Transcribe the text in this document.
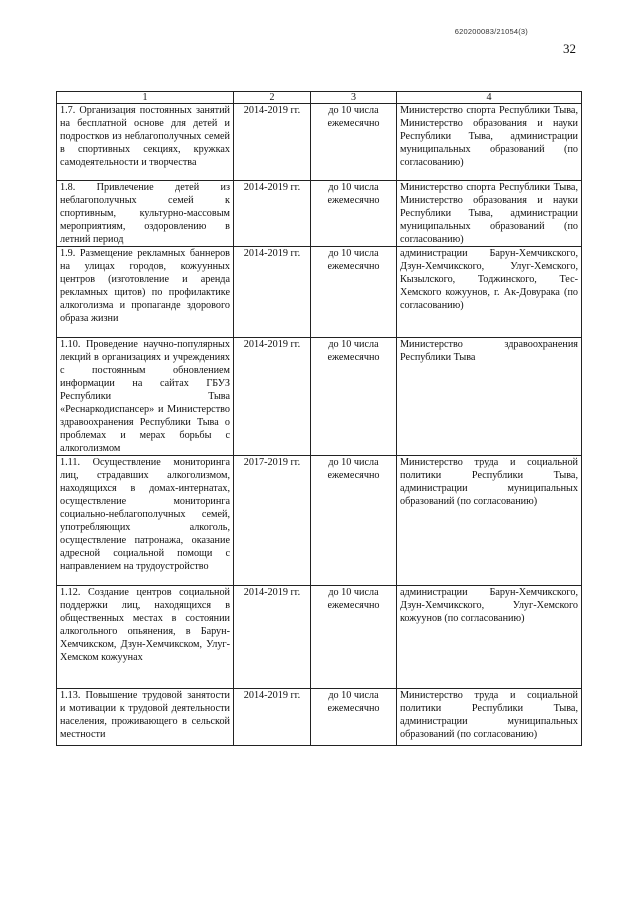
620200083/21054(3)
32
1	2	3	4
1.7. Организация постоянных занятий на бесплатной основе для детей и подростков из неблагополучных семей в спортивных секциях, кружках самодеятельности и творчества	2014-2019 гг.	до 10 числа ежемесячно	Министерство спорта Республики Тыва, Министерство образования и науки Республики Тыва, администрации муниципальных образований (по согласованию)
1.8. Привлечение детей из неблагополучных семей к спортивным, культурно-массовым мероприятиям, оздоровлению в летний период	2014-2019 гг.	до 10 числа ежемесячно	Министерство спорта Республики Тыва, Министерство образования и науки Республики Тыва, администрации муниципальных образований (по согласованию)
1.9. Размещение рекламных баннеров на улицах городов, кожуунных центров (изготовление и аренда рекламных щитов) по профилактике алкоголизма и пропаганде здорового образа жизни	2014-2019 гг.	до 10 числа ежемесячно	администрации Барун-Хемчикского, Дзун-Хемчикского, Улуг-Хемского, Кызылского, Тоджинского, Тес-Хемского кожуунов, г. Ак-Довурака (по согласованию)
1.10. Проведение научно-популярных лекций в организациях и учреждениях с постоянным обновлением информации на сайтах ГБУЗ Республики Тыва «Реснаркодиспансер» и Министерство здравоохранения Республики Тыва о проблемах и мерах борьбы с алкоголизмом	2014-2019 гг.	до 10 числа ежемесячно	Министерство здравоохранения Республики Тыва
1.11. Осуществление мониторинга лиц, страдавших алкоголизмом, находящихся в домах-интернатах, осуществление мониторинга социально-неблагополучных семей, употребляющих алкоголь, осуществление патронажа, оказание адресной социальной помощи с направлением на трудоустройство	2017-2019 гг.	до 10 числа ежемесячно	Министерство труда и социальной политики Республики Тыва, администрации муниципальных образований (по согласованию)
1.12. Создание центров социальной поддержки лиц, находящихся в общественных местах в состоянии алкогольного опьянения, в Барун-Хемчикском, Дзун-Хемчикском, Улуг-Хемском кожуунах	2014-2019 гг.	до 10 числа ежемесячно	администрации Барун-Хемчикского, Дзун-Хемчикского, Улуг-Хемского кожуунов (по согласованию)
1.13. Повышение трудовой занятости и мотивации к трудовой деятельности населения, проживающего в сельской местности	2014-2019 гг.	до 10 числа ежемесячно	Министерство труда и социальной политики Республики Тыва, администрации муниципальных образований (по согласованию)
